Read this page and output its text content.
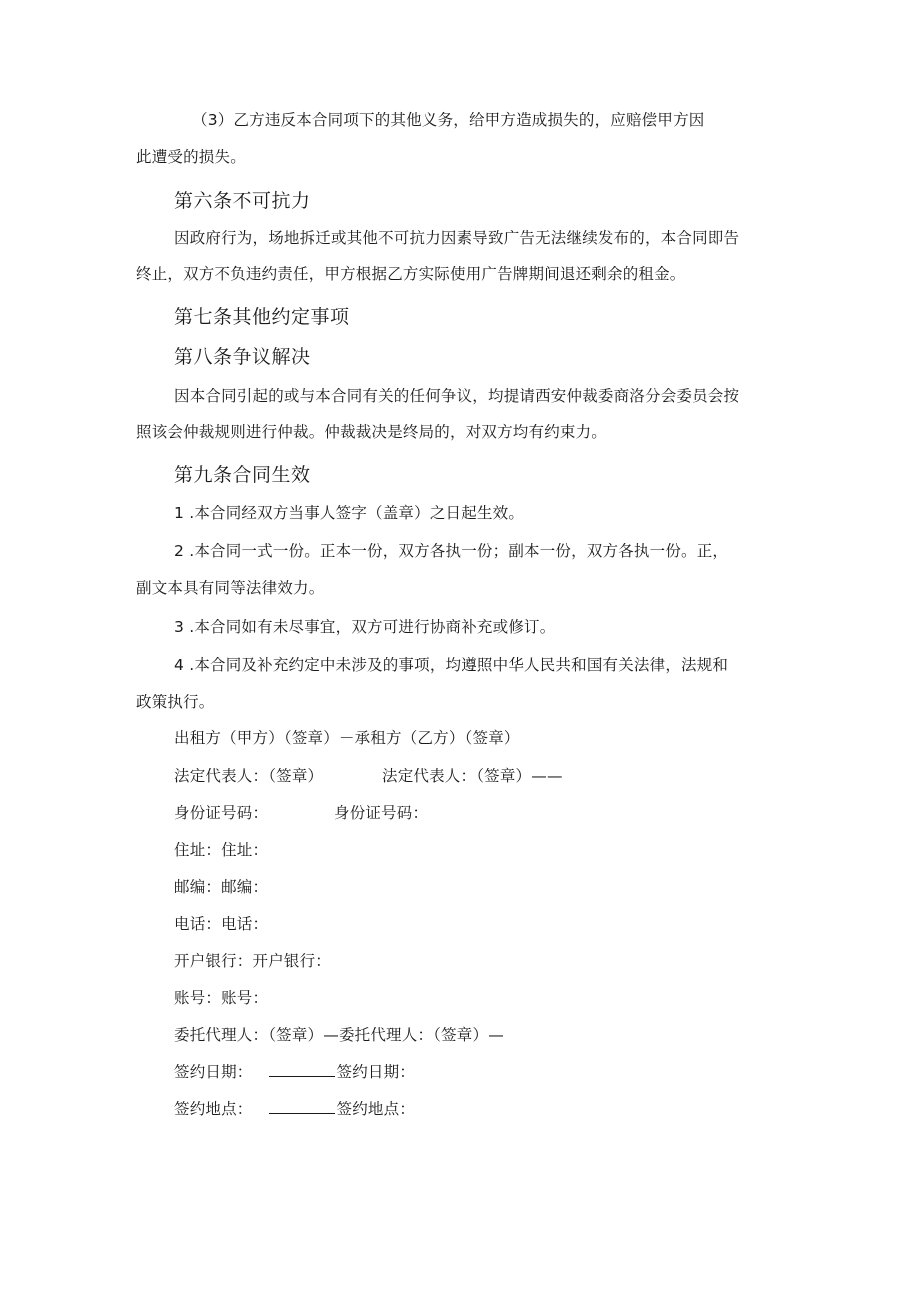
（3）乙方违反本合同项下的其他义务，给甲方造成损失的，应赔偿甲方因
此遭受的损失。
第六条不可抗力
因政府行为，场地拆迁或其他不可抗力因素导致广告无法继续发布的，本合同即告
终止，双方不负违约责任，甲方根据乙方实际使用广告牌期间退还剩余的租金。
第七条其他约定事项
第八条争议解决
因本合同引起的或与本合同有关的任何争议，均提请西安仲裁委商洛分会委员会按
照该会仲裁规则进行仲裁。仲裁裁决是终局的，对双方均有约束力。
第九条合同生效
1 .本合同经双方当事人签字（盖章）之日起生效。
2 .本合同一式一份。正本一份，双方各执一份；副本一份，双方各执一份。正，
副文本具有同等法律效力。
3 .本合同如有未尽事宜，双方可进行协商补充或修订。
4 .本合同及补充约定中未涉及的事项，均遵照中华人民共和国有关法律，法规和
政策执行。
出租方（甲方）（签章）－承租方（乙方）（签章）
法定代表人：（签章）	法定代表人：（签章）——
身份证号码：	身份证号码：
住址：住址：
邮编：邮编：
电话：电话：
开户银行：开户银行：
账号：账号：
委托代理人：（签章）—委托代理人：（签章）—
签约日期：	签约日期：
签约地点：	签约地点：
